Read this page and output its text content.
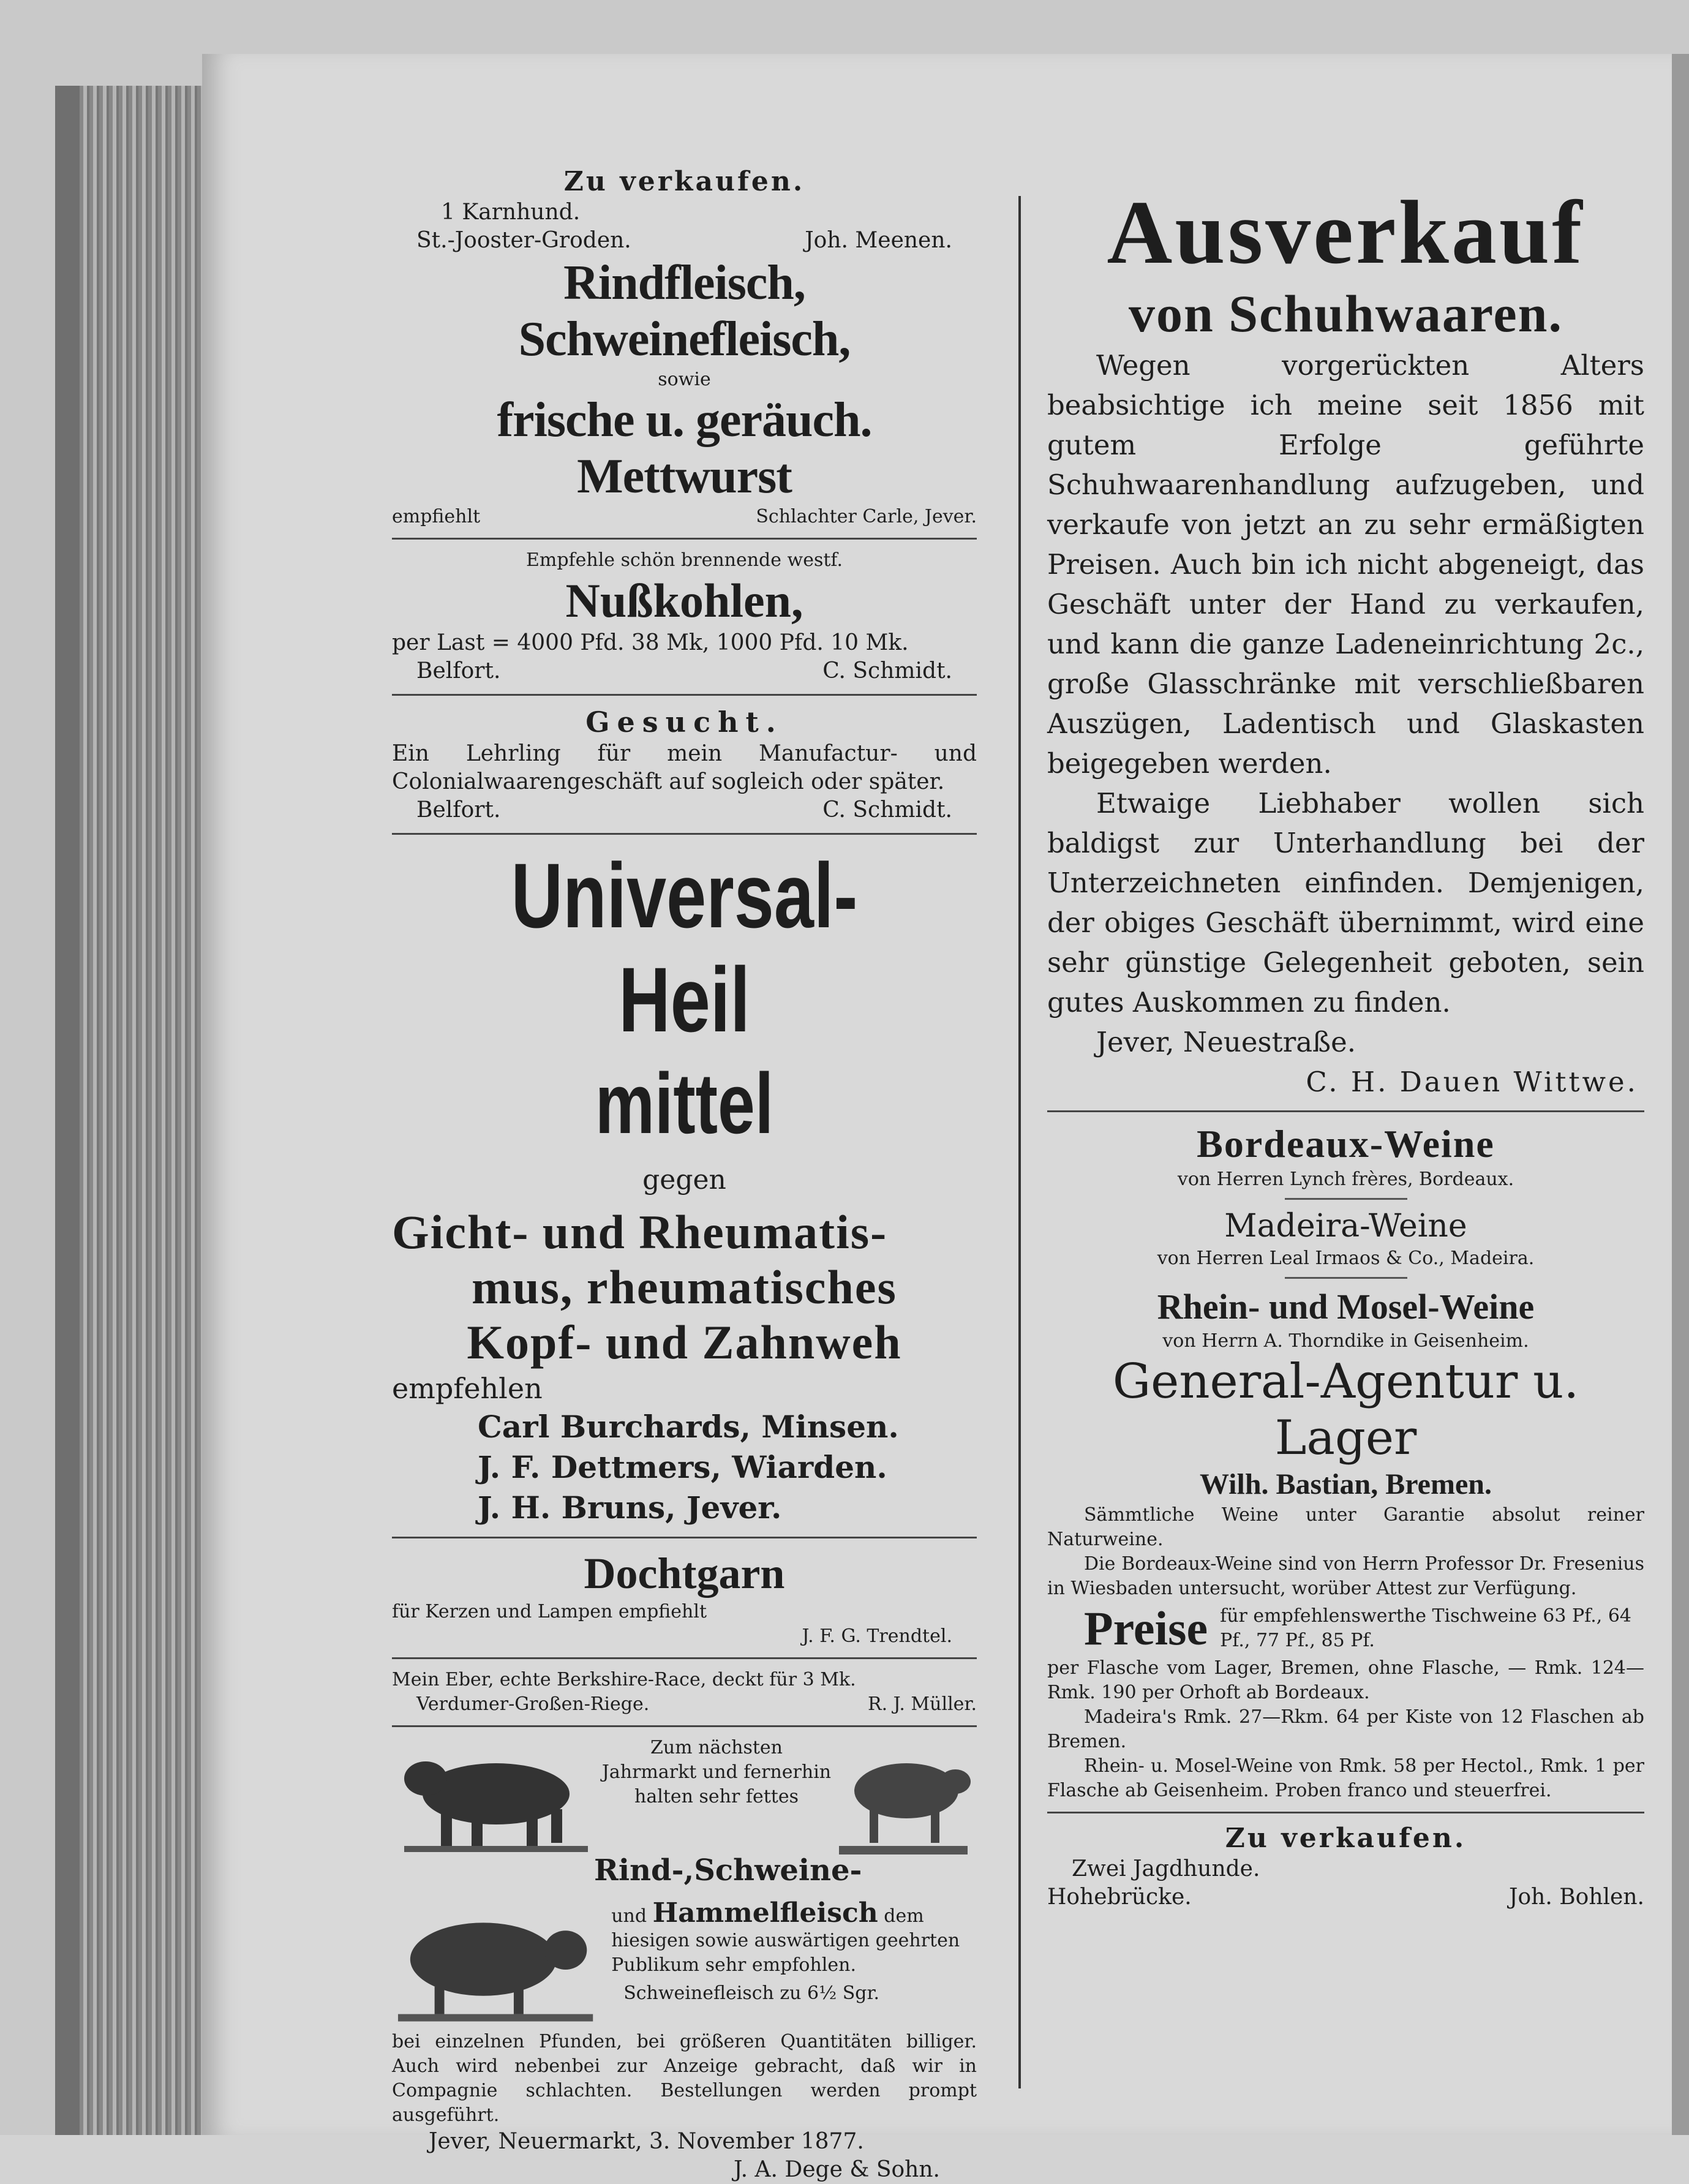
Zu verkaufen.
1 Karnhund.
St.-Jooster-Groden.	Joh. Meenen.
Rindfleisch, Schweinefleisch,
sowie
frische u. geräuch. Mettwurst
empfiehlt	Schlachter Carle, Jever.
Empfehle schön brennende westf.
Nußkohlen,
per Last = 4000 Pfd. 38 Mk, 1000 Pfd. 10 Mk.
Belfort.	C. Schmidt.
Gesucht.
Ein Lehrling für mein Manufactur- und Colonialwaarengeschäft auf sogleich oder später.
Belfort.	C. Schmidt.
Universal-Heil
mittel
gegen
Gicht- und Rheumatis-
mus, rheumatisches
Kopf- und Zahnweh
empfehlen
Carl Burchards, Minsen.
J. F. Dettmers, Wiarden.
J. H. Bruns, Jever.
Dochtgarn
für Kerzen und Lampen empfiehlt
J. F. G. Trendtel.
Mein Eber, echte Berkshire-Race, deckt für 3 Mk.
Verdumer-Großen-Riege.	R. J. Müller.
Zum nächsten Jahrmarkt und fernerhin halten sehr fettes
Rind-,Schweine-
und Hammelfleisch dem hiesigen sowie auswärtigen geehrten Publikum sehr empfohlen.
Schweinefleisch zu 6½ Sgr.
bei einzelnen Pfunden, bei größeren Quantitäten billiger. Auch wird nebenbei zur Anzeige gebracht, daß wir in Compagnie schlachten. Bestellungen werden prompt ausgeführt.
Jever, Neuermarkt, 3. November 1877.
J. A. Dege & Sohn.
Ausverkauf
von Schuhwaaren.
Wegen vorgerückten Alters beabsichtige ich meine seit 1856 mit gutem Erfolge geführte Schuhwaarenhandlung aufzugeben, und verkaufe von jetzt an zu sehr ermäßigten Preisen. Auch bin ich nicht abgeneigt, das Geschäft unter der Hand zu verkaufen, und kann die ganze Ladeneinrichtung 2c., große Glasschränke mit verschließbaren Auszügen, Ladentisch und Glaskasten beigegeben werden.
Etwaige Liebhaber wollen sich baldigst zur Unterhandlung bei der Unterzeichneten einfinden. Demjenigen, der obiges Geschäft übernimmt, wird eine sehr günstige Gelegenheit geboten, sein gutes Auskommen zu finden.
Jever, Neuestraße.
C. H. Dauen Wittwe.
Bordeaux-Weine
von Herren Lynch frères, Bordeaux.
Madeira-Weine
von Herren Leal Irmaos & Co., Madeira.
Rhein- und Mosel-Weine
von Herrn A. Thorndike in Geisenheim.
General-Agentur u. Lager
Wilh. Bastian, Bremen.
Sämmtliche Weine unter Garantie absolut reiner Naturweine.
Die Bordeaux-Weine sind von Herrn Professor Dr. Fresenius in Wiesbaden untersucht, worüber Attest zur Verfügung.
Preise für empfehlenswerthe Tischweine 63 Pf., 64 Pf., 77 Pf., 85 Pf.
per Flasche vom Lager, Bremen, ohne Flasche, — Rmk. 124—Rmk. 190 per Orhoft ab Bordeaux.
Madeira's Rmk. 27—Rkm. 64 per Kiste von 12 Flaschen ab Bremen.
Rhein- u. Mosel-Weine von Rmk. 58 per Hectol., Rmk. 1 per Flasche ab Geisenheim. Proben franco und steuerfrei.
Zu verkaufen.
Zwei Jagdhunde.
Hohebrücke.	Joh. Bohlen.
